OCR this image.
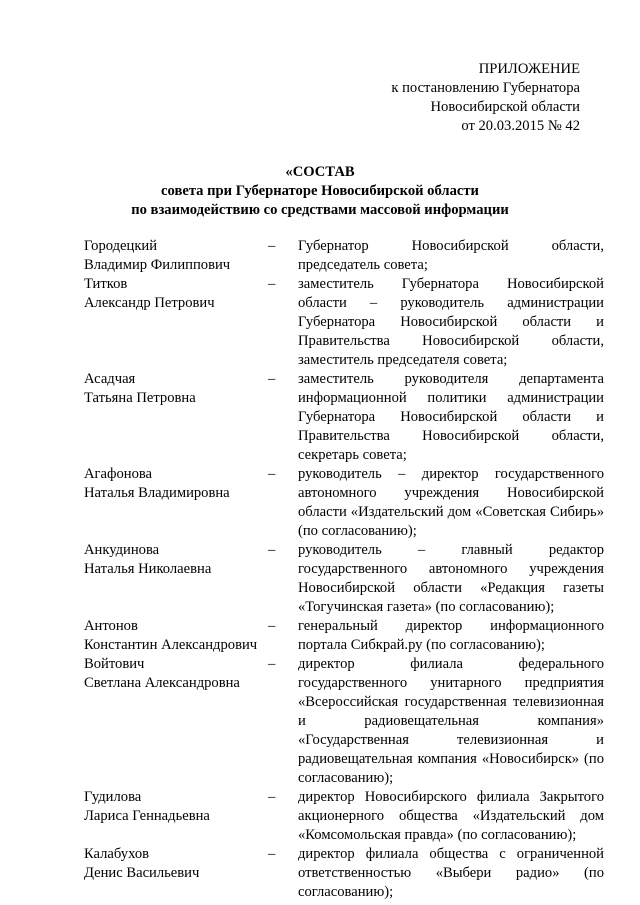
ПРИЛОЖЕНИЕ
к постановлению Губернатора
Новосибирской области
от 20.03.2015 № 42
«СОСТАВ
совета при Губернаторе Новосибирской области
по взаимодействию со средствами массовой информации
Городецкий
Владимир Филиппович
–	Губернатор Новосибирской области, председатель совета;
Титков
Александр Петрович
–	заместитель Губернатора Новосибирской области – руководитель администрации Губернатора Новосибирской области и Правительства Новосибирской области, заместитель председателя совета;
Асадчая
Татьяна Петровна
–	заместитель руководителя департамента информационной политики администрации Губернатора Новосибирской области и Правительства Новосибирской области, секретарь совета;
Агафонова
Наталья Владимировна
–	руководитель – директор государственного автономного учреждения Новосибирской области «Издательский дом «Советская Сибирь» (по согласованию);
Анкудинова
Наталья Николаевна
–	руководитель – главный редактор государственного автономного учреждения Новосибирской области «Редакция газеты «Тогучинская газета» (по согласованию);
Антонов
Константин Александрович
–	генеральный директор информационного портала Сибкрай.ру (по согласованию);
Войтович
Светлана Александровна
–	директор филиала федерального государственного унитарного предприятия «Всероссийская государственная телевизионная и радиовещательная компания» «Государственная телевизионная и радиовещательная компания «Новосибирск» (по согласованию);
Гудилова
Лариса Геннадьевна
–	директор Новосибирского филиала Закрытого акционерного общества «Издательский дом «Комсомольская правда» (по согласованию);
Калабухов
Денис Васильевич
–	директор филиала общества с ограниченной ответственностью «Выбери радио» (по согласованию);
